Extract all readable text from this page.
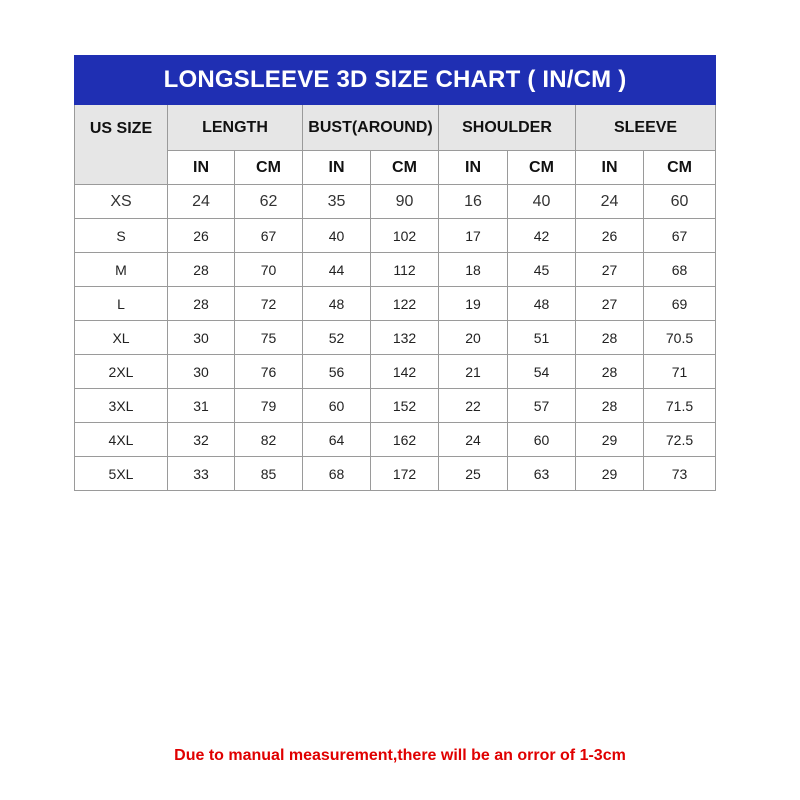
LONGSLEEVE 3D SIZE CHART ( IN/CM )								
US SIZE	LENGTH		BUST(AROUND)		SHOULDER		SLEEVE	
	IN	CM	IN	CM	IN	CM	IN	CM
XS	24	62	35	90	16	40	24	60
S	26	67	40	102	17	42	26	67
M	28	70	44	112	18	45	27	68
L	28	72	48	122	19	48	27	69
XL	30	75	52	132	20	51	28	70.5
2XL	30	76	56	142	21	54	28	71
3XL	31	79	60	152	22	57	28	71.5
4XL	32	82	64	162	24	60	29	72.5
5XL	33	85	68	172	25	63	29	73
Due to manual measurement,there will be an orror of 1-3cm
